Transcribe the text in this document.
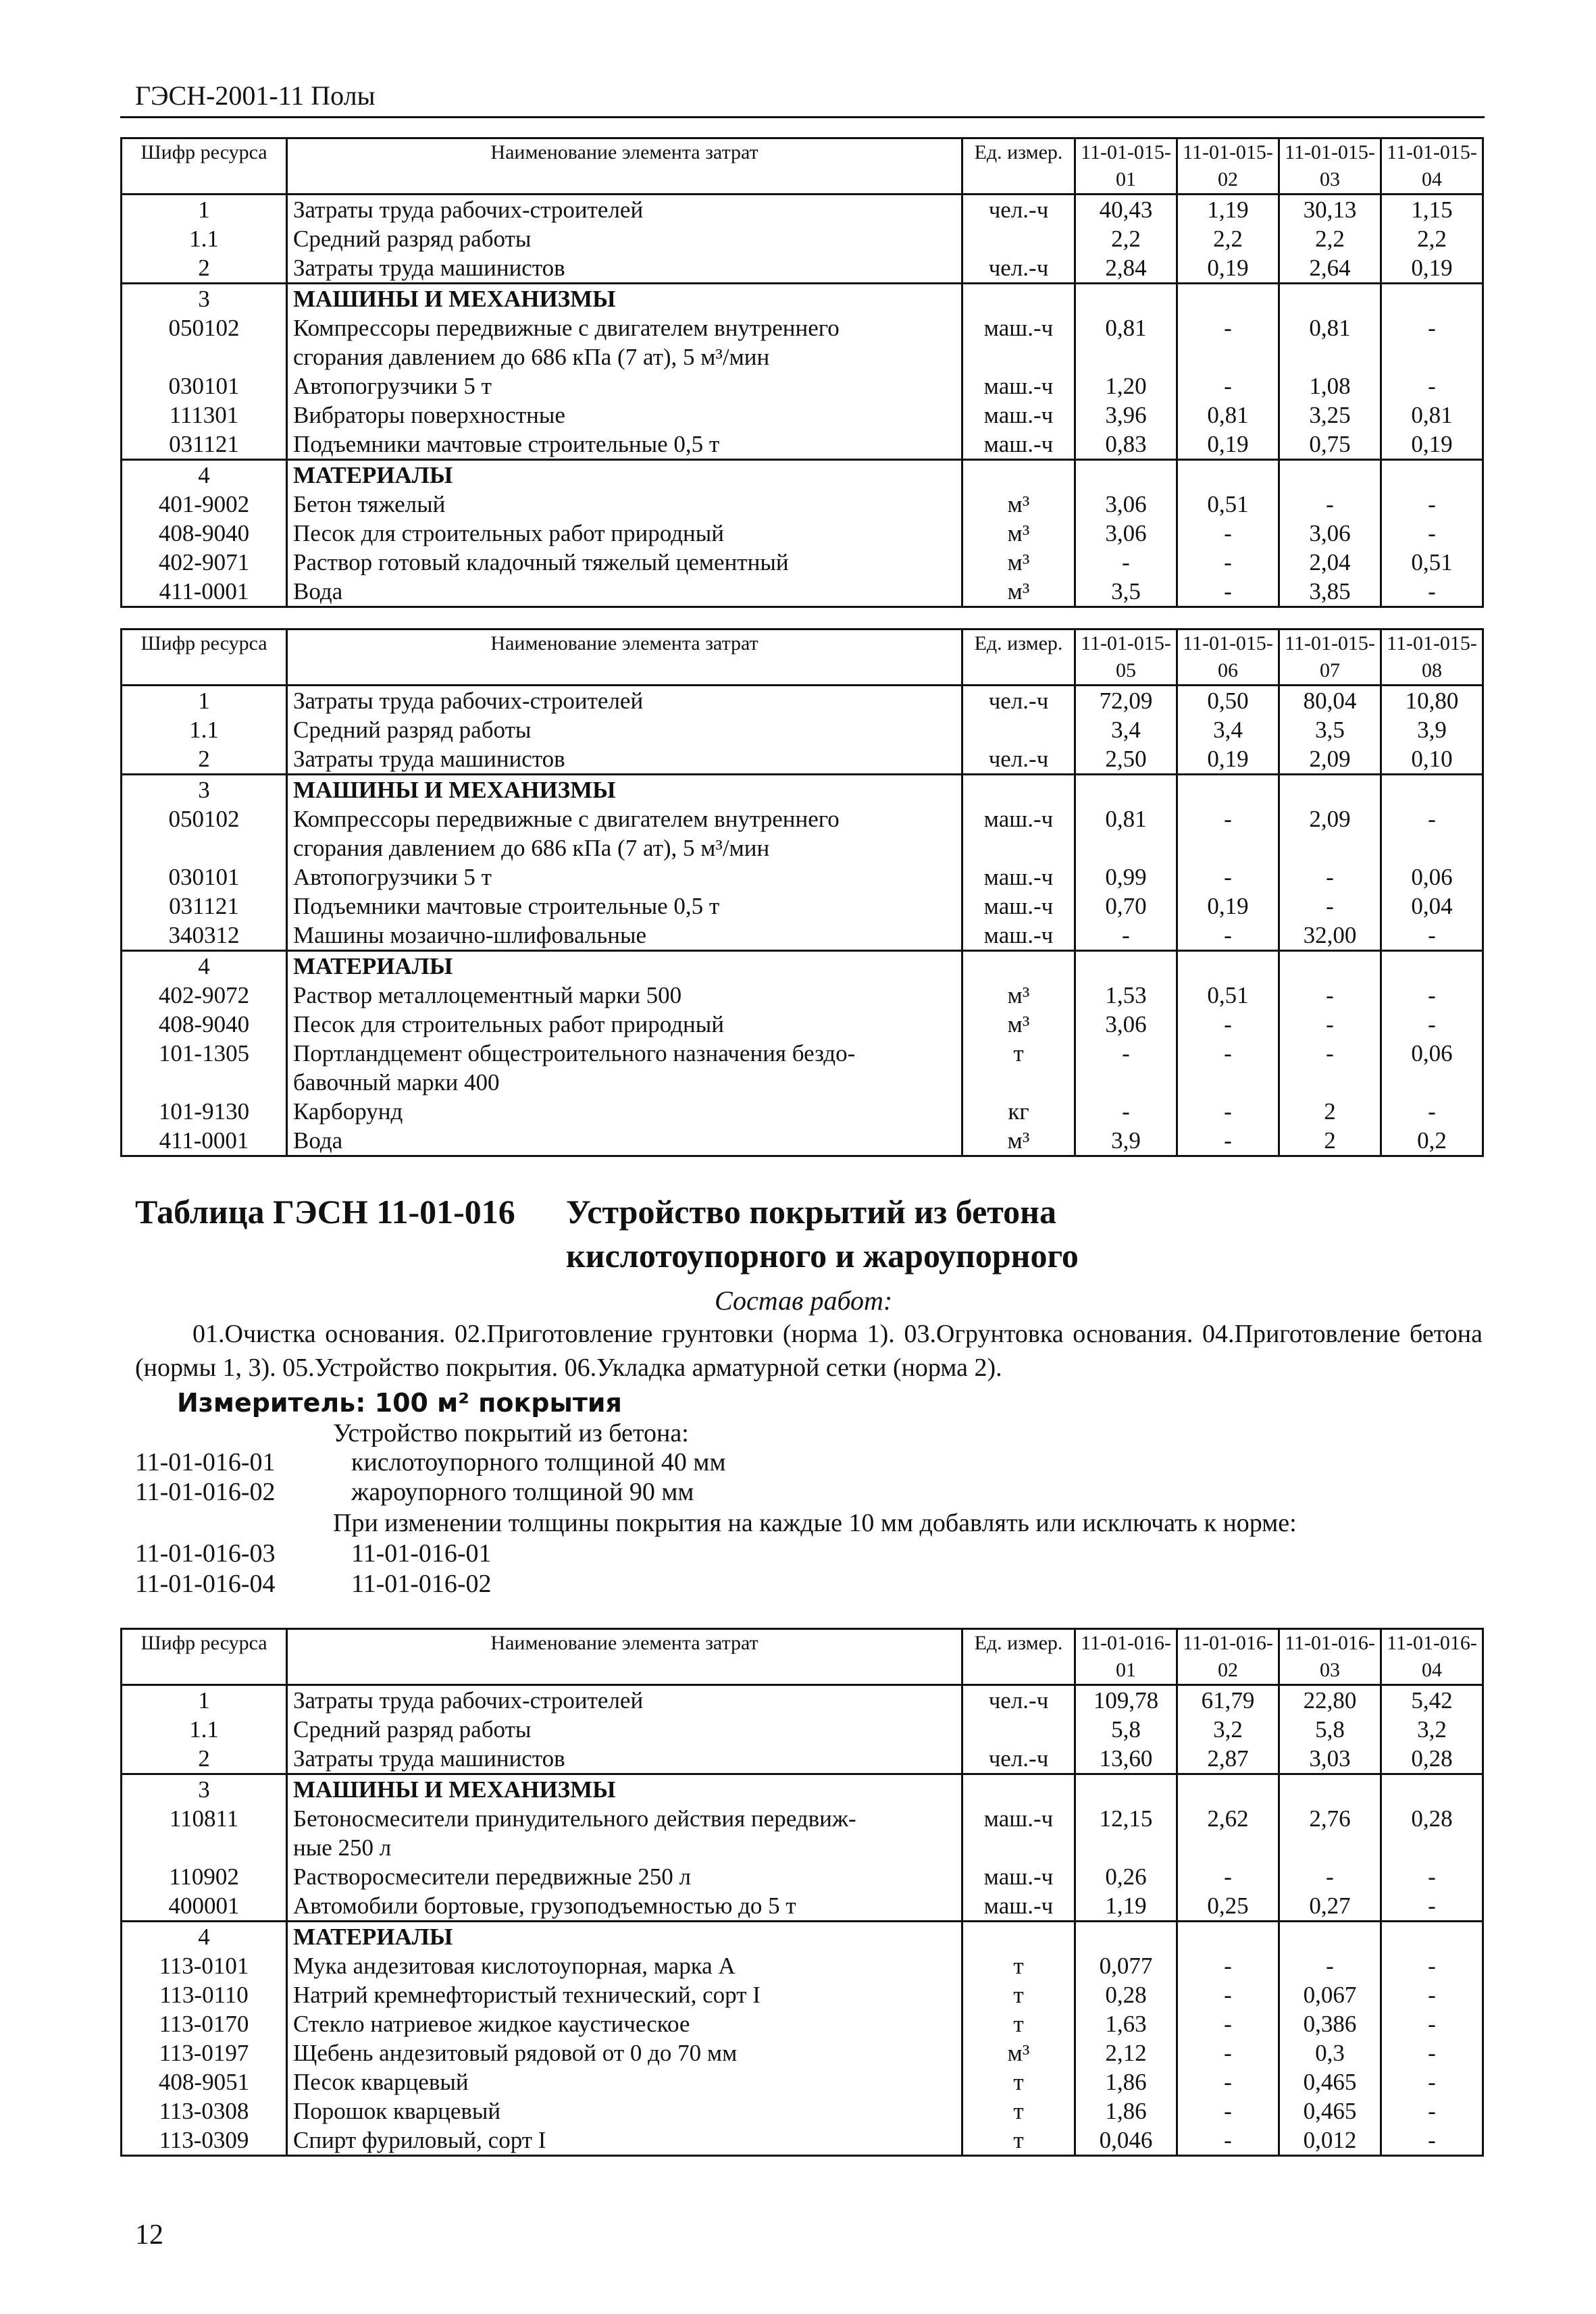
ГЭСН-2001-11 Полы
Шифр ресурса	Наименование элемента затрат	Ед. измер.	11-01-015-01	11-01-015-02	11-01-015-03	11-01-015-04
1	Затраты труда рабочих-строителей	чел.-ч	40,43	1,19	30,13	1,15
1.1	Средний разряд работы		2,2	2,2	2,2	2,2
2	Затраты труда машинистов	чел.-ч	2,84	0,19	2,64	0,19
3	МАШИНЫ И МЕХАНИЗМЫ					
050102	Компрессоры передвижные с двигателем внутреннего	маш.-ч	0,81	-	0,81	-
	сгорания давлением до 686 кПа (7 ат), 5 м³/мин					
030101	Автопогрузчики 5 т	маш.-ч	1,20	-	1,08	-
111301	Вибраторы поверхностные	маш.-ч	3,96	0,81	3,25	0,81
031121	Подъемники мачтовые строительные 0,5 т	маш.-ч	0,83	0,19	0,75	0,19
4	МАТЕРИАЛЫ					
401-9002	Бетон тяжелый	м³	3,06	0,51	-	-
408-9040	Песок для строительных работ природный	м³	3,06	-	3,06	-
402-9071	Раствор готовый кладочный тяжелый цементный	м³	-	-	2,04	0,51
411-0001	Вода	м³	3,5	-	3,85	-
Шифр ресурса	Наименование элемента затрат	Ед. измер.	11-01-015-05	11-01-015-06	11-01-015-07	11-01-015-08
1	Затраты труда рабочих-строителей	чел.-ч	72,09	0,50	80,04	10,80
1.1	Средний разряд работы		3,4	3,4	3,5	3,9
2	Затраты труда машинистов	чел.-ч	2,50	0,19	2,09	0,10
3	МАШИНЫ И МЕХАНИЗМЫ					
050102	Компрессоры передвижные с двигателем внутреннего	маш.-ч	0,81	-	2,09	-
	сгорания давлением до 686 кПа (7 ат), 5 м³/мин					
030101	Автопогрузчики 5 т	маш.-ч	0,99	-	-	0,06
031121	Подъемники мачтовые строительные 0,5 т	маш.-ч	0,70	0,19	-	0,04
340312	Машины мозаично-шлифовальные	маш.-ч	-	-	32,00	-
4	МАТЕРИАЛЫ					
402-9072	Раствор металлоцементный марки 500	м³	1,53	0,51	-	-
408-9040	Песок для строительных работ природный	м³	3,06	-	-	-
101-1305	Портландцемент общестроительного назначения бездо-	т	-	-	-	0,06
	бавочный марки 400					
101-9130	Карборунд	кг	-	-	2	-
411-0001	Вода	м³	3,9	-	2	0,2
Таблица ГЭСН 11-01-016 Устройство покрытий из бетона
кислотоупорного и жароупорного
Состав работ:
01.Очистка основания. 02.Приготовление грунтовки (норма 1). 03.Огрунтовка основания. 04.Приготовление бетона (нормы 1, 3). 05.Устройство покрытия. 06.Укладка арматурной сетки (норма 2).
Измеритель: 100 м² покрытия
Устройство покрытий из бетона:
11-01-016-01	кислотоупорного толщиной 40 мм
11-01-016-02	жароупорного толщиной 90 мм
При изменении толщины покрытия на каждые 10 мм добавлять или исключать к норме:
11-01-016-03	11-01-016-01
11-01-016-04	11-01-016-02
Шифр ресурса	Наименование элемента затрат	Ед. измер.	11-01-016-01	11-01-016-02	11-01-016-03	11-01-016-04
1	Затраты труда рабочих-строителей	чел.-ч	109,78	61,79	22,80	5,42
1.1	Средний разряд работы		5,8	3,2	5,8	3,2
2	Затраты труда машинистов	чел.-ч	13,60	2,87	3,03	0,28
3	МАШИНЫ И МЕХАНИЗМЫ					
110811	Бетоносмесители принудительного действия передвиж-	маш.-ч	12,15	2,62	2,76	0,28
	ные 250 л					
110902	Растворосмесители передвижные 250 л	маш.-ч	0,26	-	-	-
400001	Автомобили бортовые, грузоподъемностью до 5 т	маш.-ч	1,19	0,25	0,27	-
4	МАТЕРИАЛЫ					
113-0101	Мука андезитовая кислотоупорная, марка А	т	0,077	-	-	-
113-0110	Натрий кремнефтористый технический, сорт I	т	0,28	-	0,067	-
113-0170	Стекло натриевое жидкое каустическое	т	1,63	-	0,386	-
113-0197	Щебень андезитовый рядовой от 0 до 70 мм	м³	2,12	-	0,3	-
408-9051	Песок кварцевый	т	1,86	-	0,465	-
113-0308	Порошок кварцевый	т	1,86	-	0,465	-
113-0309	Спирт фуриловый, сорт I	т	0,046	-	0,012	-
12
